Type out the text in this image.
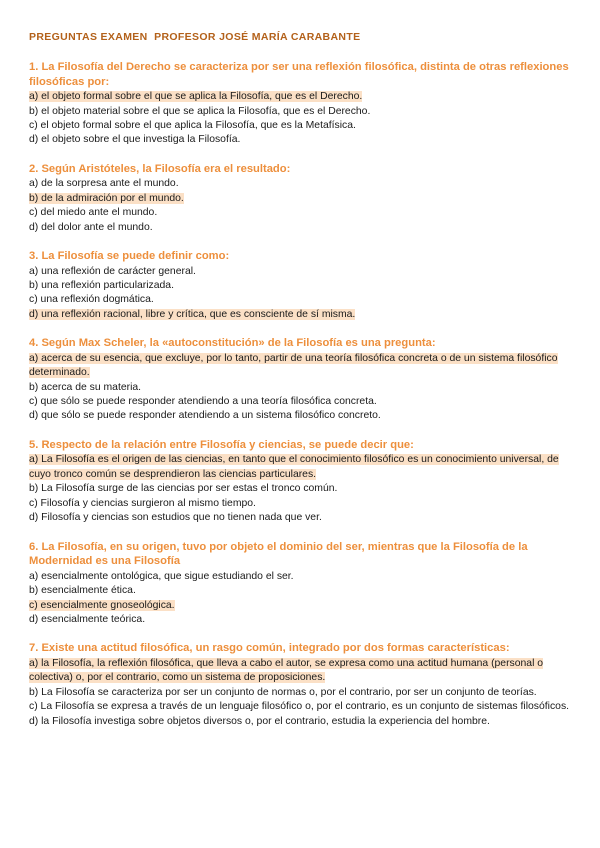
PREGUNTAS EXAMEN  PROFESOR JOSÉ MARÍA CARABANTE
1. La Filosofía del Derecho se caracteriza por ser una reflexión filosófica, distinta de otras reflexiones filosóficas por:
a) el objeto formal sobre el que se aplica la Filosofía, que es el Derecho.
b) el objeto material sobre el que se aplica la Filosofía, que es el Derecho.
c) el objeto formal sobre el que aplica la Filosofía, que es la Metafísica.
d) el objeto sobre el que investiga la Filosofía.
2. Según Aristóteles, la Filosofía era el resultado:
a) de la sorpresa ante el mundo.
b) de la admiración por el mundo.
c) del miedo ante el mundo.
d) del dolor ante el mundo.
3. La Filosofía se puede definir como:
a) una reflexión de carácter general.
b) una reflexión particularizada.
c) una reflexión dogmática.
d) una reflexión racional, libre y crítica, que es consciente de sí misma.
4. Según Max Scheler, la «autoconstitución» de la Filosofía es una pregunta:
a) acerca de su esencia, que excluye, por lo tanto, partir de una teoría filosófica concreta o de un sistema filosófico determinado.
b) acerca de su materia.
c) que sólo se puede responder atendiendo a una teoría filosófica concreta.
d) que sólo se puede responder atendiendo a un sistema filosófico concreto.
5. Respecto de la relación entre Filosofía y ciencias, se puede decir que:
a) La Filosofía es el origen de las ciencias, en tanto que el conocimiento filosófico es un conocimiento universal, de cuyo tronco común se desprendieron las ciencias particulares.
b) La Filosofía surge de las ciencias por ser estas el tronco común.
c) Filosofía y ciencias surgieron al mismo tiempo.
d) Filosofía y ciencias son estudios que no tienen nada que ver.
6. La Filosofía, en su origen, tuvo por objeto el dominio del ser, mientras que la Filosofía de la Modernidad es una Filosofía
a) esencialmente ontológica, que sigue estudiando el ser.
b) esencialmente ética.
c) esencialmente gnoseológica.
d) esencialmente teórica.
7. Existe una actitud filosófica, un rasgo común, integrado por dos formas características:
a) la Filosofía, la reflexión filosófica, que lleva a cabo el autor, se expresa como una actitud humana (personal o colectiva) o, por el contrario, como un sistema de proposiciones.
b) La Filosofía se caracteriza por ser un conjunto de normas o, por el contrario, por ser un conjunto de teorías.
c) La Filosofía se expresa a través de un lenguaje filosófico o, por el contrario, es un conjunto de sistemas filosóficos.
d) la Filosofía investiga sobre objetos diversos o, por el contrario, estudia la experiencia del hombre.
